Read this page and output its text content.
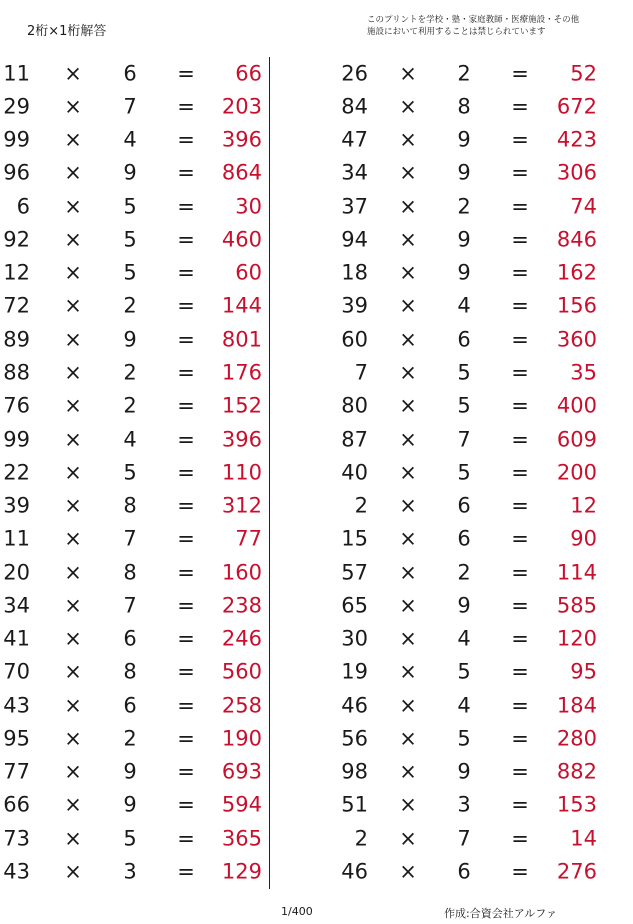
2桁×1桁解答
このプリントを学校・塾・家庭教師・医療施設・その他
施設において利用することは禁じられています
11 ×	6	=	66
29 ×	7	=	203
99 ×	4	=	396
96 ×	9	=	864
6 ×	5	=	30
92 ×	5	=	460
12 ×	5	=	60
72 ×	2	=	144
89 ×	9	=	801
88 ×	2	=	176
76 ×	2	=	152
99 ×	4	=	396
22 ×	5	=	110
39 ×	8	=	312
11 ×	7	=	77
20 ×	8	=	160
34 ×	7	=	238
41 ×	6	=	246
70 ×	8	=	560
43 ×	6	=	258
95 ×	2	=	190
77 ×	9	=	693
66 ×	9	=	594
73 ×	5	=	365
43 ×	3	=	129
26 ×	2	=	52
84 ×	8	=	672
47 ×	9	=	423
34 ×	9	=	306
37 ×	2	=	74
94 ×	9	=	846
18 ×	9	=	162
39 ×	4	=	156
60 ×	6	=	360
7 ×	5	=	35
80 ×	5	=	400
87 ×	7	=	609
40 ×	5	=	200
2 ×	6	=	12
15 ×	6	=	90
57 ×	2	=	114
65 ×	9	=	585
30 ×	4	=	120
19 ×	5	=	95
46 ×	4	=	184
56 ×	5	=	280
98 ×	9	=	882
51 ×	3	=	153
2 ×	7	=	14
46 ×	6	=	276
1/400	作成:合資会社アルファ
